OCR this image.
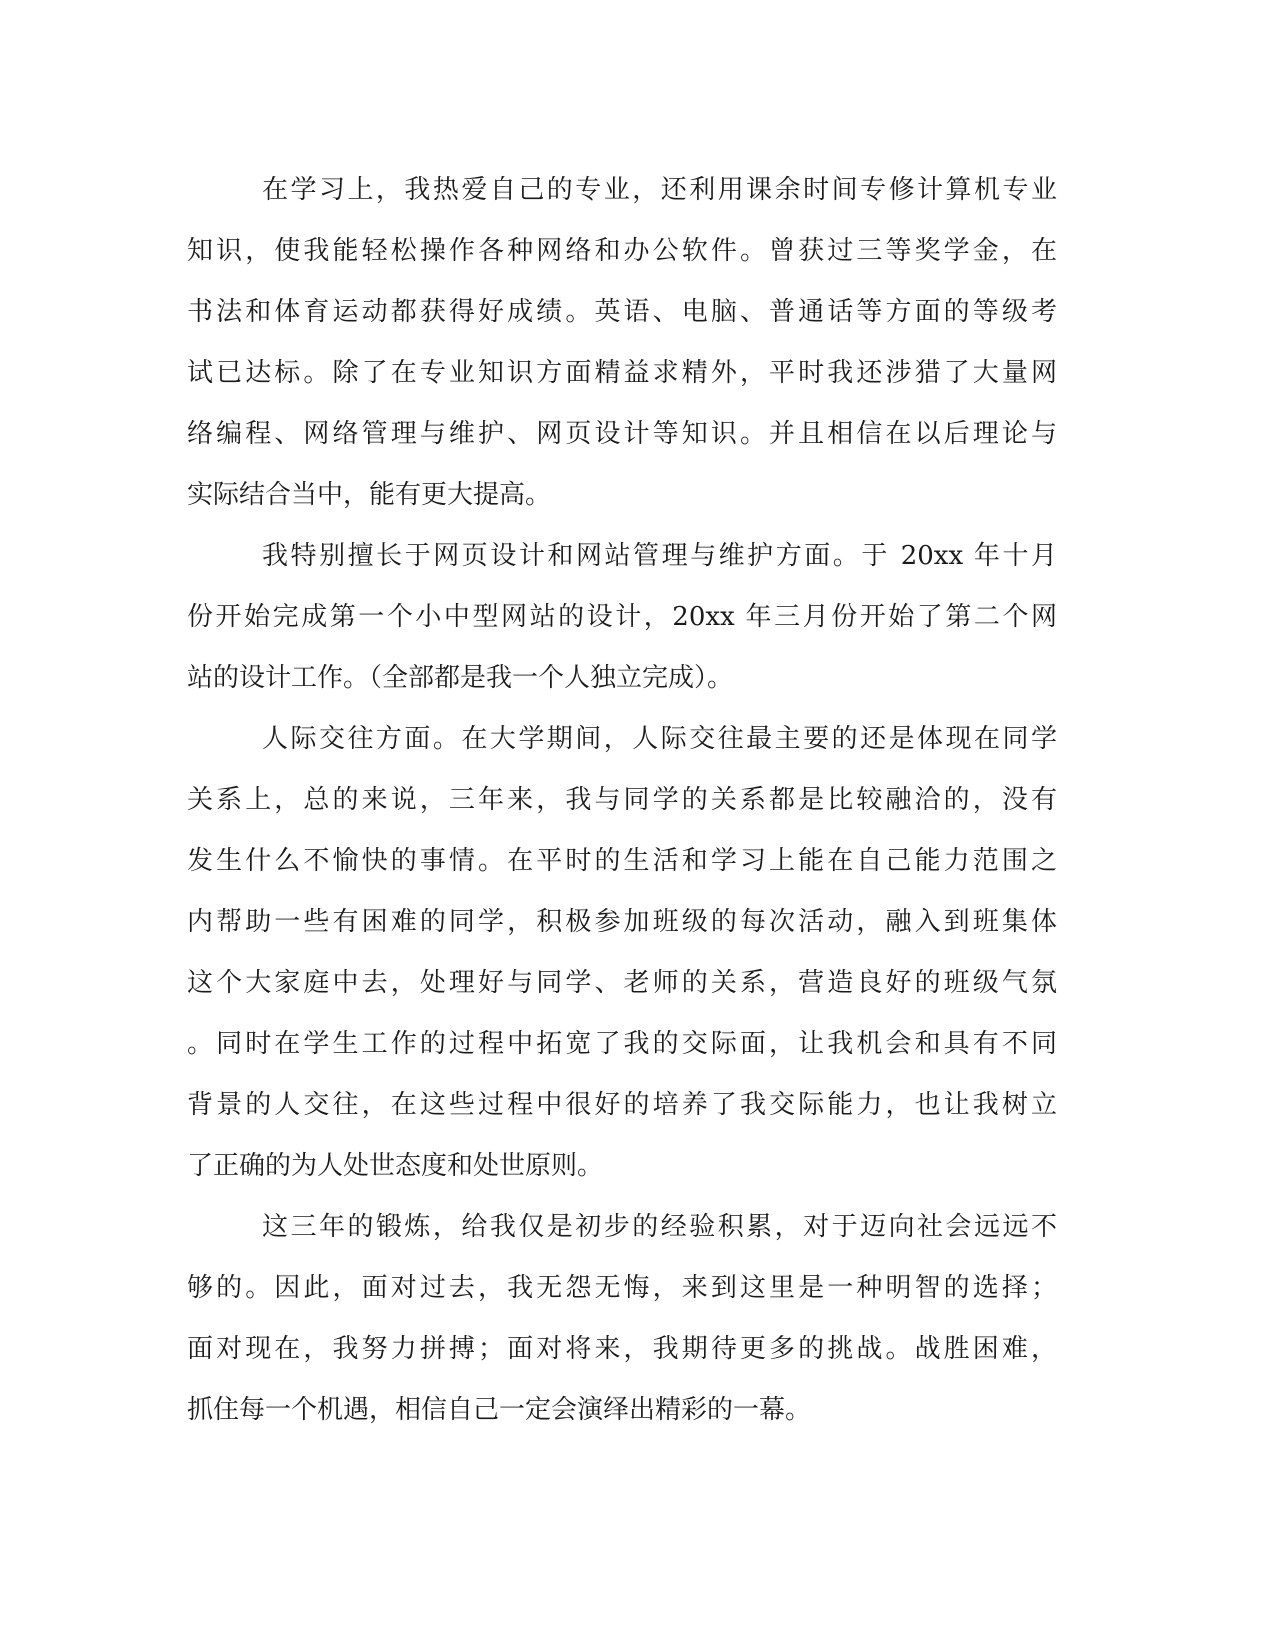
在学习上，我热爱自己的专业，还利用课余时间专修计算机专业
知识，使我能轻松操作各种网络和办公软件。曾获过三等奖学金，在
书法和体育运动都获得好成绩。英语、电脑、普通话等方面的等级考
试已达标。除了在专业知识方面精益求精外，平时我还涉猎了大量网
络编程、网络管理与维护、网页设计等知识。并且相信在以后理论与
实际结合当中，能有更大提高。
我特别擅长于网页设计和网站管理与维护方面。于 20xx 年十月
份开始完成第一个小中型网站的设计，20xx 年三月份开始了第二个网
站的设计工作。（全部都是我一个人独立完成）。
人际交往方面。在大学期间，人际交往最主要的还是体现在同学
关系上，总的来说，三年来，我与同学的关系都是比较融洽的，没有
发生什么不愉快的事情。在平时的生活和学习上能在自己能力范围之
内帮助一些有困难的同学，积极参加班级的每次活动，融入到班集体
这个大家庭中去，处理好与同学、老师的关系，营造良好的班级气氛
。同时在学生工作的过程中拓宽了我的交际面，让我机会和具有不同
背景的人交往，在这些过程中很好的培养了我交际能力，也让我树立
了正确的为人处世态度和处世原则。
这三年的锻炼，给我仅是初步的经验积累，对于迈向社会远远不
够的。因此，面对过去，我无怨无悔，来到这里是一种明智的选择；
面对现在，我努力拼搏；面对将来，我期待更多的挑战。战胜困难，
抓住每一个机遇，相信自己一定会演绎出精彩的一幕。
